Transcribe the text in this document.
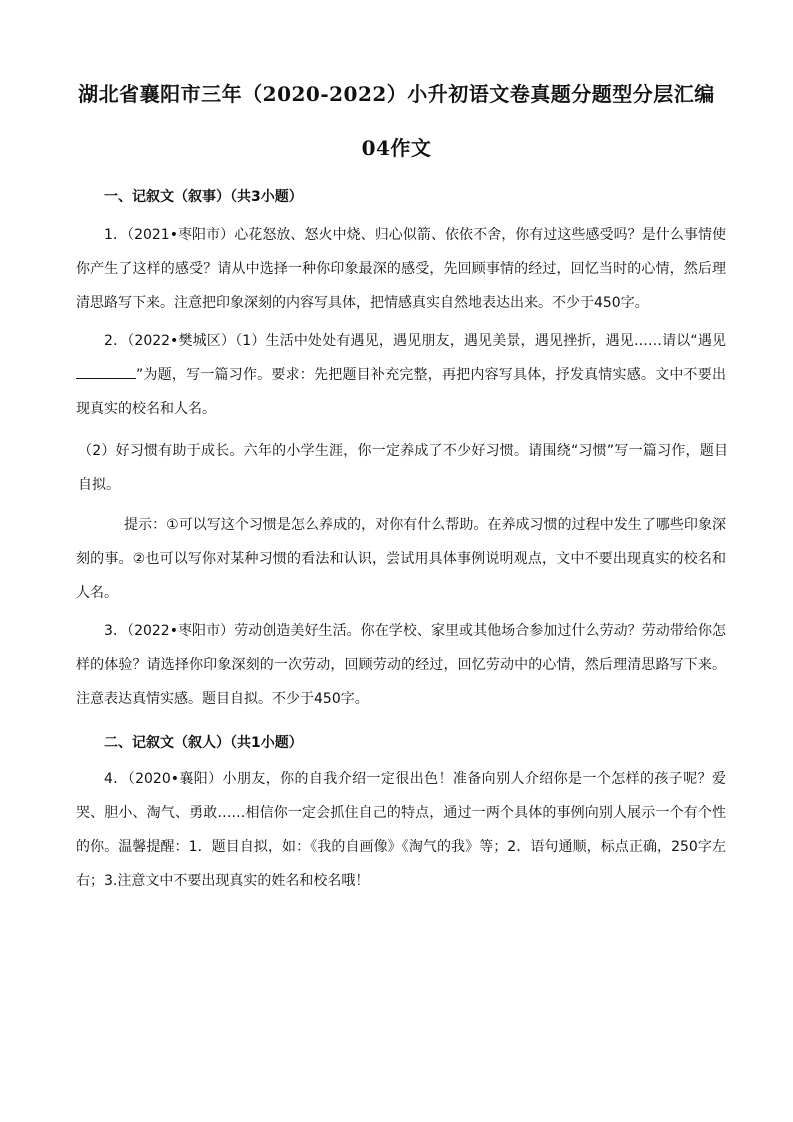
湖北省襄阳市三年（2020-2022）小升初语文卷真题分题型分层汇编
04作文

一、记叙文（叙事）（共3小题）

1．（2021•枣阳市）心花怒放、怒火中烧、归心似箭、依依不舍，你有过这些感受吗？是什么事情使你产生了这样的感受？请从中选择一种你印象最深的感受，先回顾事情的经过，回忆当时的心情，然后理清思路写下来。注意把印象深刻的内容写具体，把情感真实自然地表达出来。不少于450字。

2．（2022•樊城区）（1）生活中处处有遇见，遇见朋友，遇见美景，遇见挫折，遇见……请以“遇见”为题，写一篇习作。要求：先把题目补充完整，再把内容写具体，抒发真情实感。文中不要出现真实的校名和人名。

（2）好习惯有助于成长。六年的小学生涯，你一定养成了不少好习惯。请围绕“习惯”写一篇习作，题目自拟。

提示：①可以写这个习惯是怎么养成的，对你有什么帮助。在养成习惯的过程中发生了哪些印象深刻的事。②也可以写你对某种习惯的看法和认识，尝试用具体事例说明观点，文中不要出现真实的校名和人名。

3．（2022•枣阳市）劳动创造美好生活。你在学校、家里或其他场合参加过什么劳动？劳动带给你怎样的体验？请选择你印象深刻的一次劳动，回顾劳动的经过，回忆劳动中的心情，然后理清思路写下来。注意表达真情实感。题目自拟。不少于450字。

二、记叙文（叙人）（共1小题）

4．（2020•襄阳）小朋友，你的自我介绍一定很出色！准备向别人介绍你是一个怎样的孩子呢？爱哭、胆小、淘气、勇敢……相信你一定会抓住自己的特点，通过一两个具体的事例向别人展示一个有个性的你。温馨提醒：1．题目自拟，如：《我的自画像》《淘气的我》等；2．语句通顺，标点正确，250字左右；3.注意文中不要出现真实的姓名和校名哦！
